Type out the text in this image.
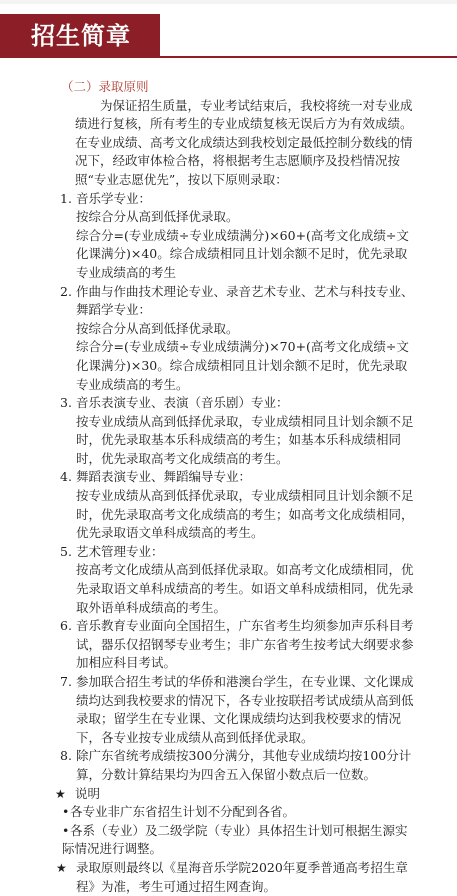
招生简章
（二）录取原则
为保证招生质量，专业考试结束后，我校将统一对专业成绩进行复核，所有考生的专业成绩复核无误后方为有效成绩。在专业成绩、高考文化成绩达到我校划定最低控制分数线的情况下，经政审体检合格，将根据考生志愿顺序及投档情况按照“专业志愿优先”，按以下原则录取：
1. 音乐学专业：
按综合分从高到低择优录取。
综合分=(专业成绩÷专业成绩满分)×60+(高考文化成绩÷文化课满分)×40。综合成绩相同且计划余额不足时，优先录取专业成绩高的考生
2. 作曲与作曲技术理论专业、录音艺术专业、艺术与科技专业、舞蹈学专业：
按综合分从高到低择优录取。
综合分=(专业成绩÷专业成绩满分)×70+(高考文化成绩÷文化课满分)×30。综合成绩相同且计划余额不足时，优先录取专业成绩高的考生。
3. 音乐表演专业、表演（音乐剧）专业：
按专业成绩从高到低择优录取，专业成绩相同且计划余额不足时，优先录取基本乐科成绩高的考生；如基本乐科成绩相同时，优先录取高考文化成绩高的考生。
4. 舞蹈表演专业、舞蹈编导专业：
按专业成绩从高到低择优录取，专业成绩相同且计划余额不足时，优先录取高考文化成绩高的考生；如高考文化成绩相同，优先录取语文单科成绩高的考生。
5. 艺术管理专业：
按高考文化成绩从高到低择优录取。如高考文化成绩相同，优先录取语文单科成绩高的考生。如语文单科成绩相同，优先录取外语单科成绩高的考生。
6. 音乐教育专业面向全国招生，广东省考生均须参加声乐科目考试，器乐仅招钢琴专业考生；非广东省考生按考试大纲要求参加相应科目考试。
7. 参加联合招生考试的华侨和港澳台学生，在专业课、文化课成绩均达到我校要求的情况下，各专业按联招考试成绩从高到低录取；留学生在专业课、文化课成绩均达到我校要求的情况下，各专业按专业成绩从高到低择优录取。
8. 除广东省统考成绩按300分满分，其他专业成绩均按100分计算，分数计算结果均为四舍五入保留小数点后一位数。
★ 说明
•各专业非广东省招生计划不分配到各省。
•各系（专业）及二级学院（专业）具体招生计划可根据生源实际情况进行调整。
★ 录取原则最终以《星海音乐学院2020年夏季普通高考招生章程》为准，考生可通过招生网查询。
